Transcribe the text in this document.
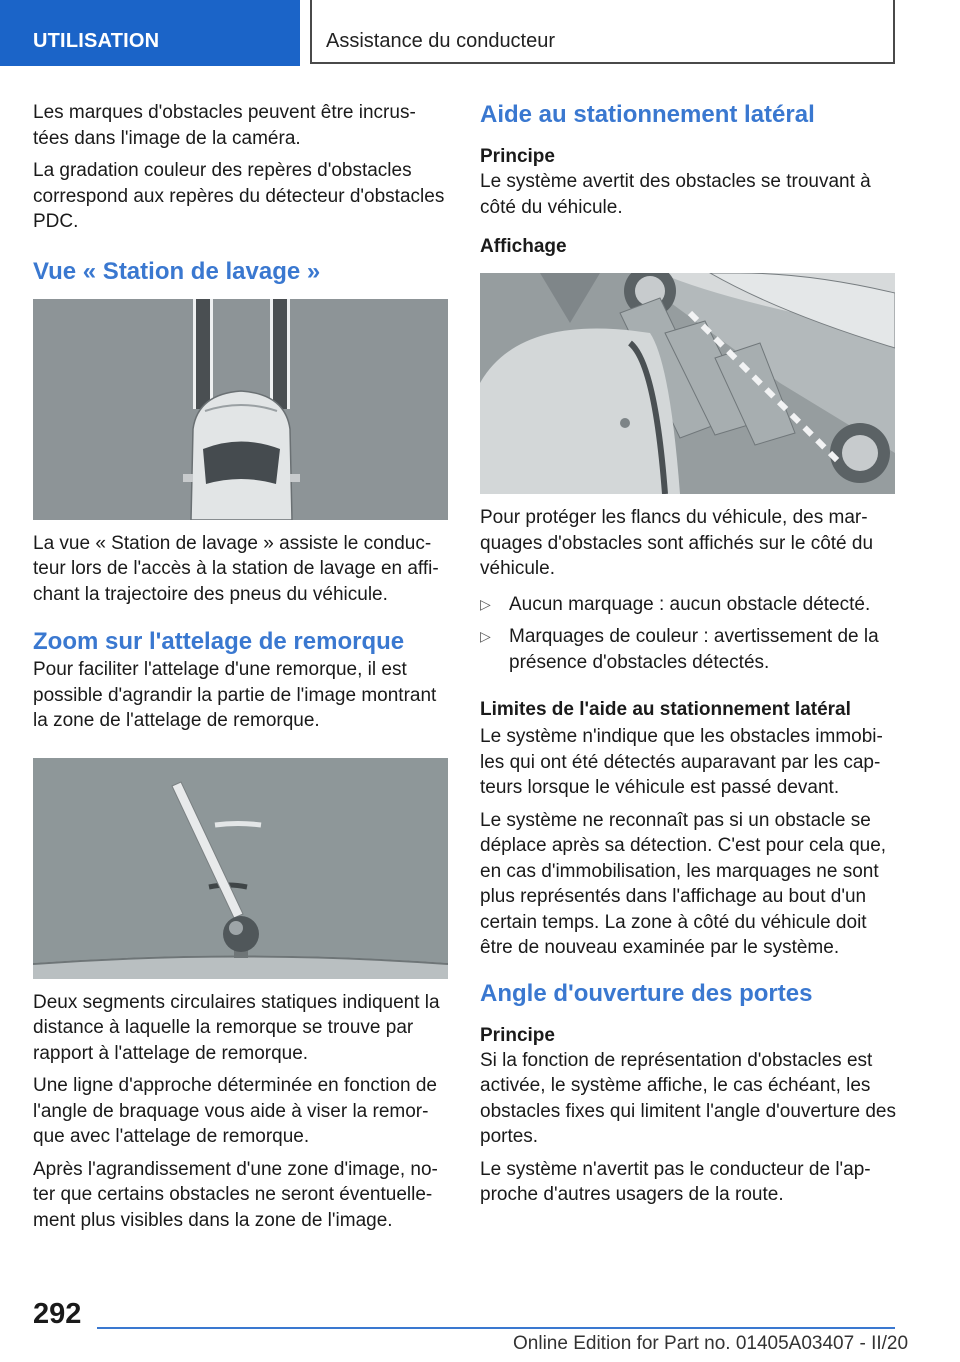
UTILISATION	Assistance du conducteur

Les marques d'obstacles peuvent être incrus-tées dans l'image de la caméra.

La gradation couleur des repères d'obstacles correspond aux repères du détecteur d'obstacles PDC.

Vue « Station de lavage »

La vue « Station de lavage » assiste le conduc-teur lors de l'accès à la station de lavage en affi-chant la trajectoire des pneus du véhicule.

Zoom sur l'attelage de remorque

Pour faciliter l'attelage d'une remorque, il est possible d'agrandir la partie de l'image montrant la zone de l'attelage de remorque.

Deux segments circulaires statiques indiquent la distance à laquelle la remorque se trouve par rapport à l'attelage de remorque.

Une ligne d'approche déterminée en fonction de l'angle de braquage vous aide à viser la remor-que avec l'attelage de remorque.

Après l'agrandissement d'une zone d'image, no-ter que certains obstacles ne seront éventuelle-ment plus visibles dans la zone de l'image.

Aide au stationnement latéral
Principe

Le système avertit des obstacles se trouvant à côté du véhicule.

Affichage

Pour protéger les flancs du véhicule, des mar-quages d'obstacles sont affichés sur le côté du véhicule.

▷ Aucun marquage : aucun obstacle détecté.
▷ Marquages de couleur : avertissement de la présence d'obstacles détectés.
Limites de l'aide au stationnement latéral

Le système n'indique que les obstacles immobi-les qui ont été détectés auparavant par les cap-teurs lorsque le véhicule est passé devant.

Le système ne reconnaît pas si un obstacle se déplace après sa détection. C'est pour cela que, en cas d'immobilisation, les marquages ne sont plus représentés dans l'affichage au bout d'un certain temps. La zone à côté du véhicule doit être de nouveau examinée par le système.

Angle d'ouverture des portes
Principe

Si la fonction de représentation d'obstacles est activée, le système affiche, le cas échéant, les obstacles fixes qui limitent l'angle d'ouverture des portes.

Le système n'avertit pas le conducteur de l'ap-proche d'autres usagers de la route.

292
Online Edition for Part no. 01405A03407 - II/20
